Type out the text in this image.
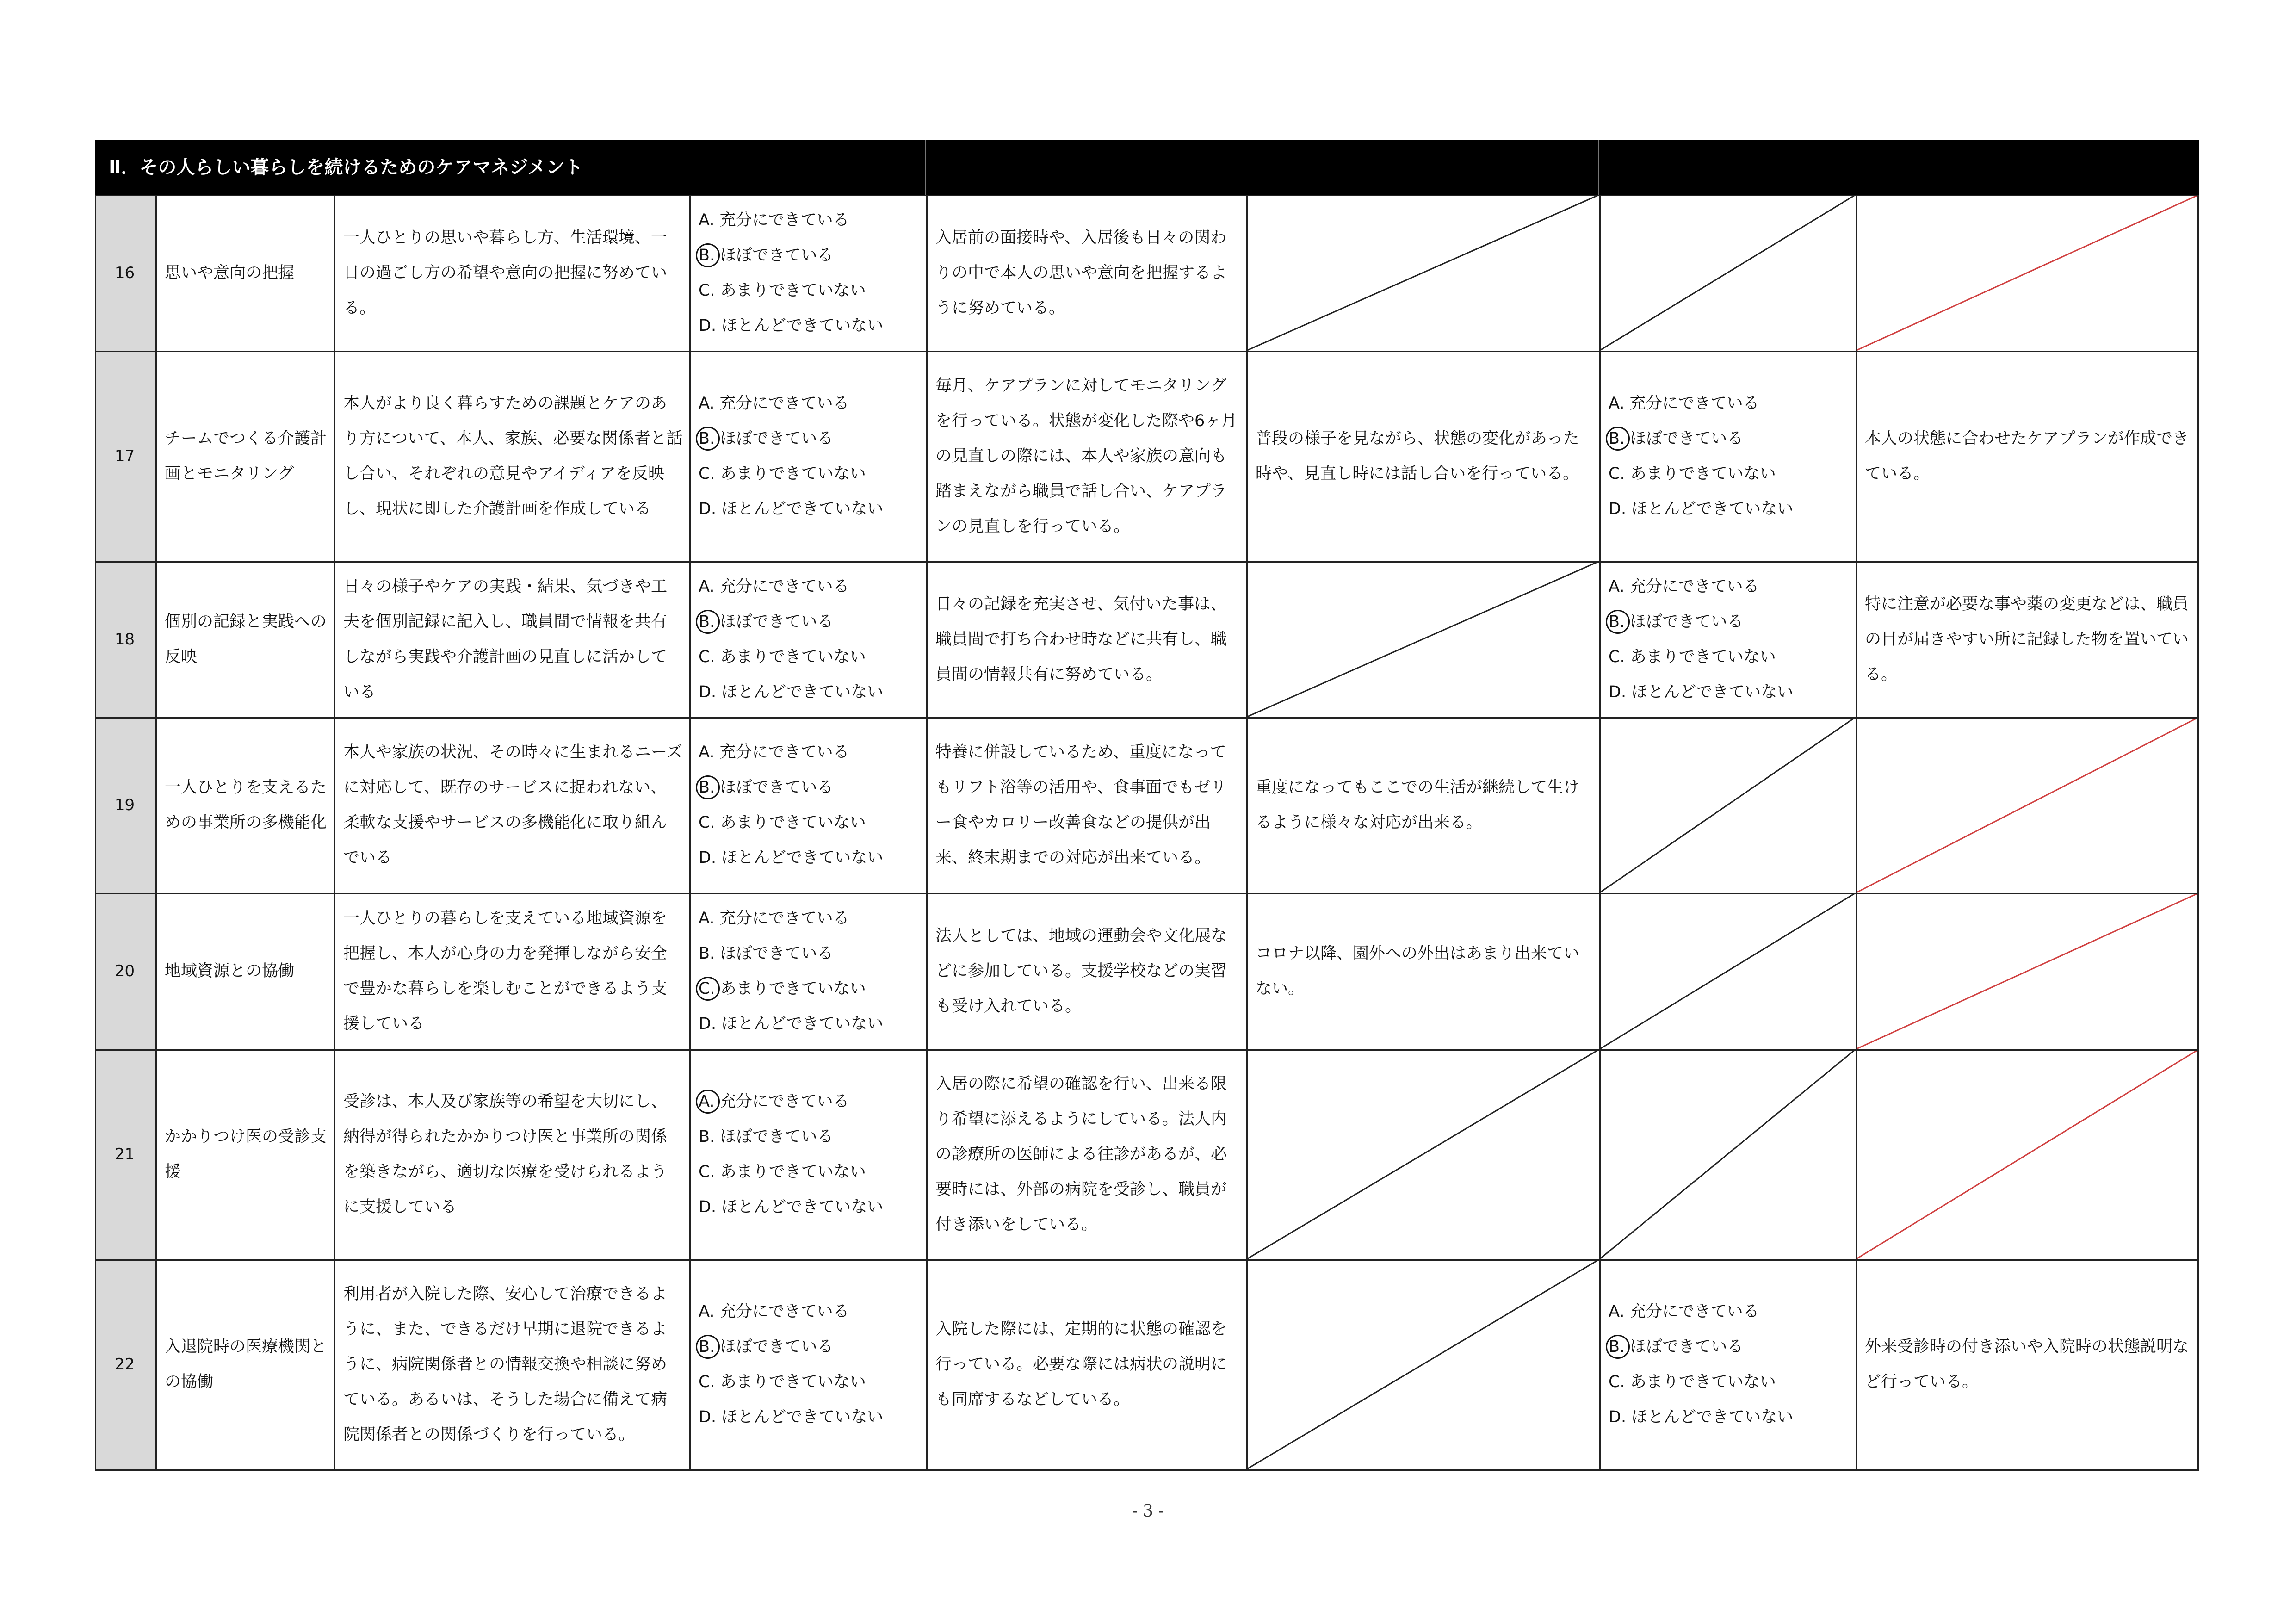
Ⅱ．その人らしい暮らしを続けるためのケアマネジメント
16	思いや意向の把握
一人ひとりの思いや暮らし方、生活環境、一日の過ごし方の希望や意向の把握に努めている。
A. 充分にできている
B. ほぼできている
C. あまりできていない
D. ほとんどできていない
入居前の面接時や、入居後も日々の関わりの中で本人の思いや意向を把握するように努めている。
17
チームでつくる介護計画とモニタリング
本人がより良く暮らすための課題とケアのあり方について、本人、家族、必要な関係者と話し合い、それぞれの意見やアイディアを反映し、現状に即した介護計画を作成している
A. 充分にできている
B. ほぼできている
C. あまりできていない
D. ほとんどできていない
毎月、ケアプランに対してモニタリングを行っている。状態が変化した際や6ヶ月の見直しの際には、本人や家族の意向も踏まえながら職員で話し合い、ケアプランの見直しを行っている。
普段の様子を見ながら、状態の変化があった時や、見直し時には話し合いを行っている。
A. 充分にできている
B. ほぼできている
C. あまりできていない
D. ほとんどできていない
本人の状態に合わせたケアプランが作成できている。
18
個別の記録と実践への反映
日々の様子やケアの実践・結果、気づきや工夫を個別記録に記入し、職員間で情報を共有しながら実践や介護計画の見直しに活かしている
A. 充分にできている
B. ほぼできている
C. あまりできていない
D. ほとんどできていない
日々の記録を充実させ、気付いた事は、職員間で打ち合わせ時などに共有し、職員間の情報共有に努めている。
A. 充分にできている
B. ほぼできている
C. あまりできていない
D. ほとんどできていない
特に注意が必要な事や薬の変更などは、職員の目が届きやすい所に記録した物を置いている。
19
一人ひとりを支えるための事業所の多機能化
本人や家族の状況、その時々に生まれるニーズに対応して、既存のサービスに捉われない、柔軟な支援やサービスの多機能化に取り組んでいる
A. 充分にできている
B. ほぼできている
C. あまりできていない
D. ほとんどできていない
特養に併設しているため、重度になってもリフト浴等の活用や、食事面でもゼリー食やカロリー改善食などの提供が出来、終末期までの対応が出来ている。
重度になってもここでの生活が継続して生けるように様々な対応が出来る。
20	地域資源との協働
一人ひとりの暮らしを支えている地域資源を把握し、本人が心身の力を発揮しながら安全で豊かな暮らしを楽しむことができるよう支援している
A. 充分にできている
B. ほぼできている
C. あまりできていない
D. ほとんどできていない
法人としては、地域の運動会や文化展などに参加している。支援学校などの実習も受け入れている。
コロナ以降、園外への外出はあまり出来ていない。
21
かかりつけ医の受診支援
受診は、本人及び家族等の希望を大切にし、納得が得られたかかりつけ医と事業所の関係を築きながら、適切な医療を受けられるように支援している
A. 充分にできている
B. ほぼできている
C. あまりできていない
D. ほとんどできていない
入居の際に希望の確認を行い、出来る限り希望に添えるようにしている。法人内の診療所の医師による往診があるが、必要時には、外部の病院を受診し、職員が付き添いをしている。
22
入退院時の医療機関との協働
利用者が入院した際、安心して治療できるように、また、できるだけ早期に退院できるように、病院関係者との情報交換や相談に努めている。あるいは、そうした場合に備えて病院関係者との関係づくりを行っている。
A. 充分にできている
B. ほぼできている
C. あまりできていない
D. ほとんどできていない
入院した際には、定期的に状態の確認を行っている。必要な際には病状の説明にも同席するなどしている。
A. 充分にできている
B. ほぼできている
C. あまりできていない
D. ほとんどできていない
外来受診時の付き添いや入院時の状態説明など行っている。
- 3 -
